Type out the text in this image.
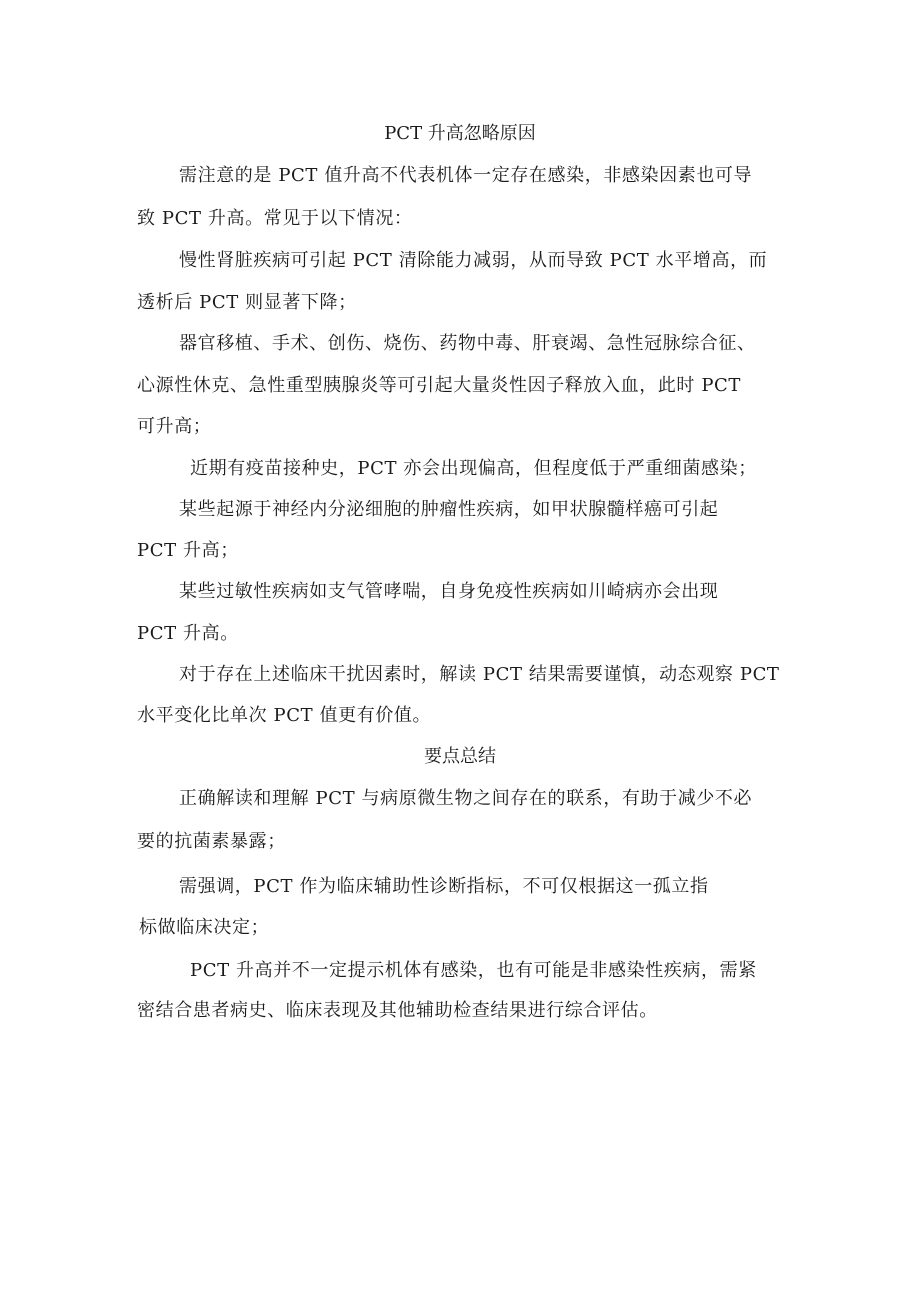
PCT 升高忽略原因
需注意的是 PCT 值升高不代表机体一定存在感染，非感染因素也可导
致 PCT 升高。常见于以下情况：
慢性肾脏疾病可引起 PCT 清除能力减弱，从而导致 PCT 水平增高，而
透析后 PCT 则显著下降；
器官移植、手术、创伤、烧伤、药物中毒、肝衰竭、急性冠脉综合征、
心源性休克、急性重型胰腺炎等可引起大量炎性因子释放入血，此时 PCT
可升高；
近期有疫苗接种史，PCT 亦会出现偏高，但程度低于严重细菌感染；
某些起源于神经内分泌细胞的肿瘤性疾病，如甲状腺髓样癌可引起
PCT 升高；
某些过敏性疾病如支气管哮喘，自身免疫性疾病如川崎病亦会出现
PCT 升高。
对于存在上述临床干扰因素时，解读 PCT 结果需要谨慎，动态观察 PCT
水平变化比单次 PCT 值更有价值。
要点总结
正确解读和理解 PCT 与病原微生物之间存在的联系，有助于减少不必
要的抗菌素暴露；
需强调，PCT 作为临床辅助性诊断指标，不可仅根据这一孤立指
标做临床决定；
PCT 升高并不一定提示机体有感染，也有可能是非感染性疾病，需紧
密结合患者病史、临床表现及其他辅助检查结果进行综合评估。
